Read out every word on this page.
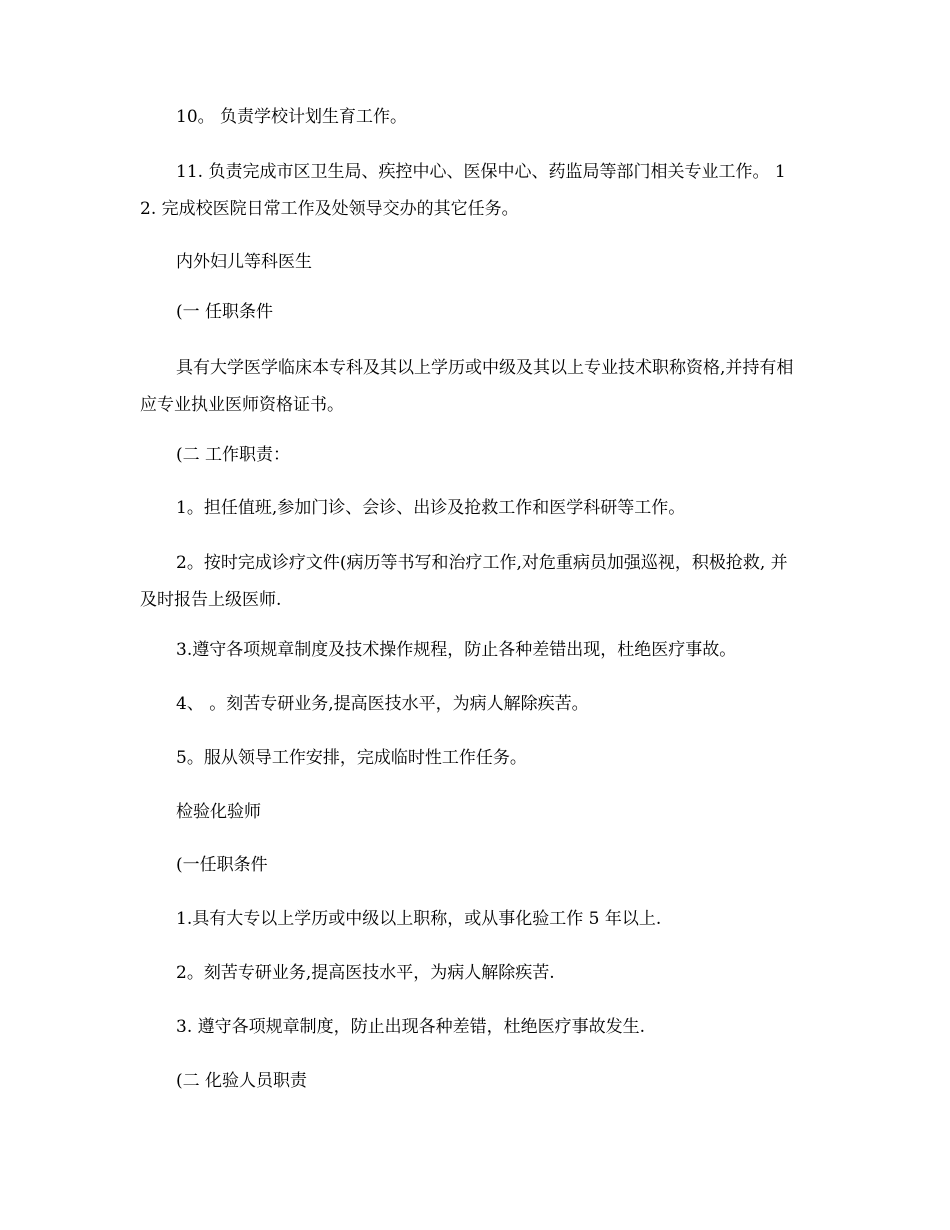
10。 负责学校计划生育工作。

11. 负责完成市区卫生局、疾控中心、医保中心、药监局等部门相关专业工作。 12. 完成校医院日常工作及处领导交办的其它任务。

内外妇儿等科医生

(一 任职条件

具有大学医学临床本专科及其以上学历或中级及其以上专业技术职称资格,并持有相 应专业执业医师资格证书。

(二 工作职责：

1。担任值班,参加门诊、会诊、出诊及抢救工作和医学科研等工作。

2。按时完成诊疗文件(病历等书写和治疗工作,对危重病员加强巡视，积极抢救, 并及时报告上级医师.

3.遵守各项规章制度及技术操作规程，防止各种差错出现，杜绝医疗事故。

4、 。刻苦专研业务,提高医技水平，为病人解除疾苦。

5。服从领导工作安排，完成临时性工作任务。

检验化验师

(一任职条件

1.具有大专以上学历或中级以上职称，或从事化验工作 5 年以上.

2。刻苦专研业务,提高医技水平，为病人解除疾苦.

3. 遵守各项规章制度，防止出现各种差错，杜绝医疗事故发生.

(二 化验人员职责
